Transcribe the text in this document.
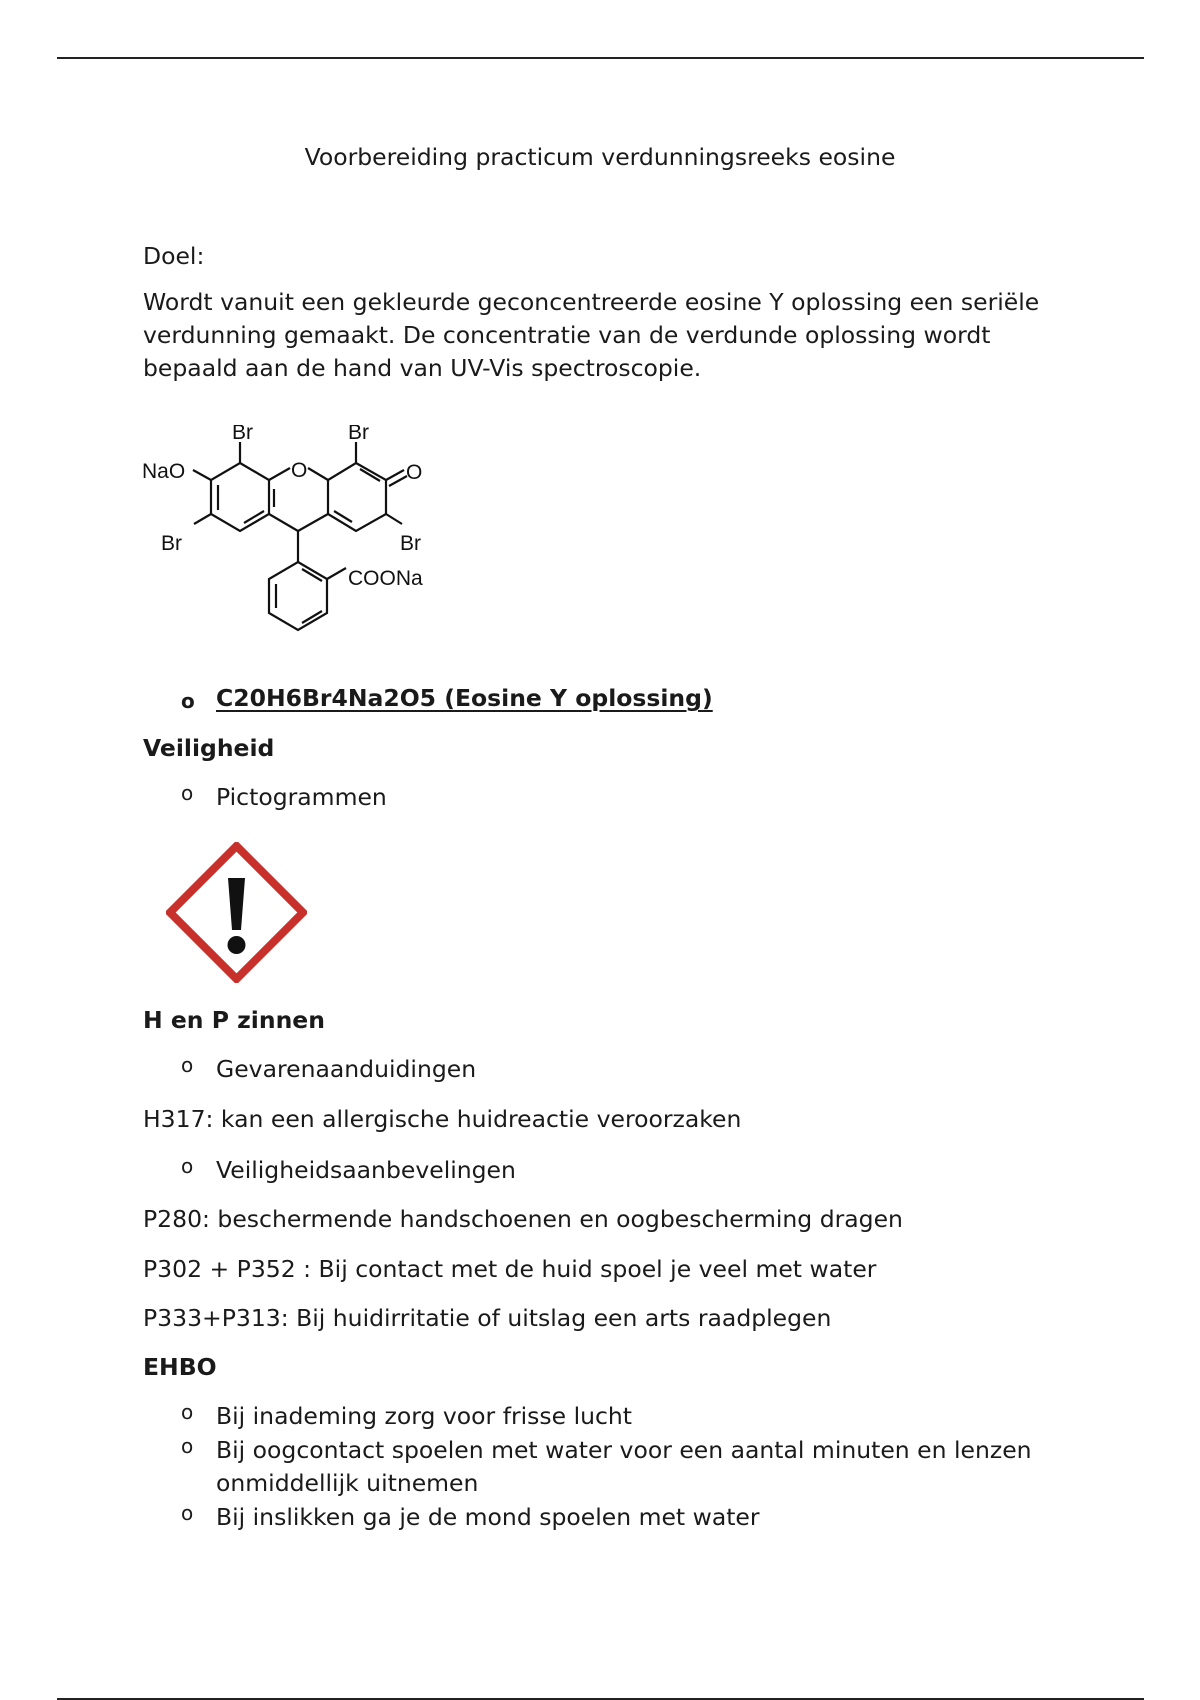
Voorbereiding practicum verdunningsreeks eosine
Doel:
Wordt vanuit een gekleurde geconcentreerde eosine Y oplossing een seriële verdunning gemaakt. De concentratie van de verdunde oplossing wordt bepaald aan de hand van UV-Vis spectroscopie.
Br	Br
NaO	O	O
Br	Br
COONa
o C20H6Br4Na2O5 (Eosine Y oplossing)
Veiligheid
o Pictogrammen
H en P zinnen
o Gevarenaanduidingen
H317: kan een allergische huidreactie veroorzaken
o Veiligheidsaanbevelingen
P280: beschermende handschoenen en oogbescherming dragen
P302 + P352 : Bij contact met de huid spoel je veel met water
P333+P313: Bij huidirritatie of uitslag een arts raadplegen
EHBO
o Bij inademing zorg voor frisse lucht
o Bij oogcontact spoelen met water voor een aantal minuten en lenzen onmiddellijk uitnemen
o Bij inslikken ga je de mond spoelen met water
